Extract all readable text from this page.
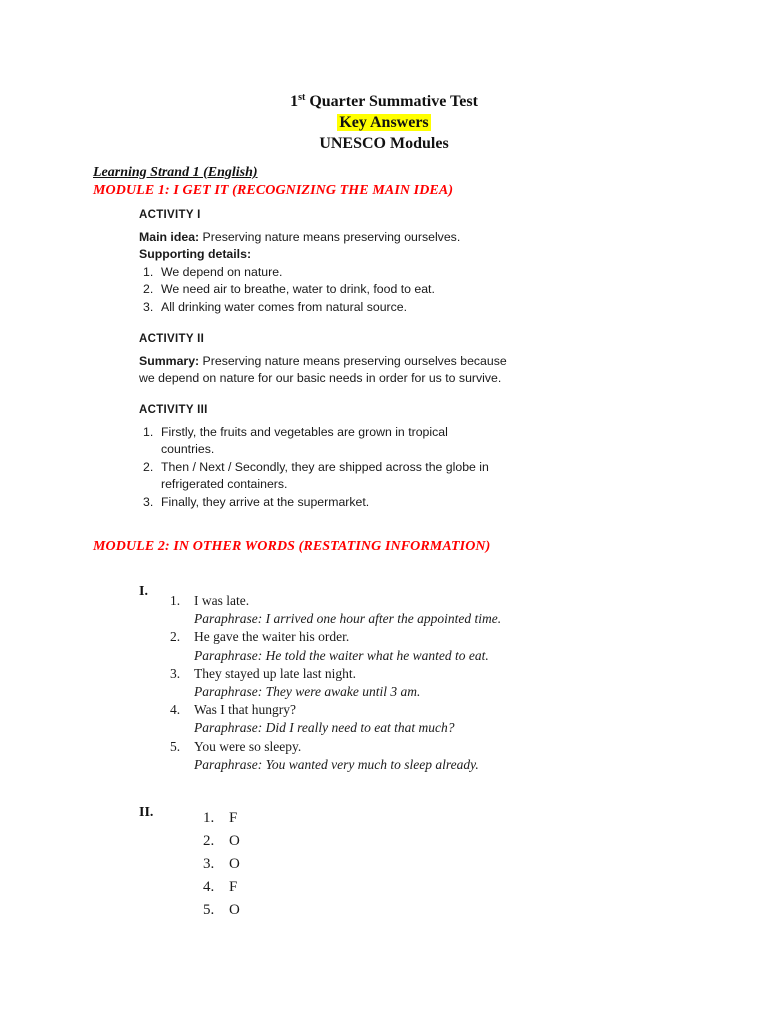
1st Quarter Summative Test
Key Answers
UNESCO Modules
Learning Strand 1 (English)
MODULE 1: I GET IT (RECOGNIZING THE MAIN IDEA)
ACTIVITY I
Main idea: Preserving nature means preserving ourselves.
Supporting details:
1. We depend on nature.
2. We need air to breathe, water to drink, food to eat.
3. All drinking water comes from natural source.
ACTIVITY II
Summary: Preserving nature means preserving ourselves because
we depend on nature for our basic needs in order for us to survive.
ACTIVITY III
1. Firstly, the fruits and vegetables are grown in tropical
countries.
2. Then / Next / Secondly, they are shipped across the globe in
refrigerated containers.
3. Finally, they arrive at the supermarket.
MODULE 2: IN OTHER WORDS (RESTATING INFORMATION)
I.
1. I was late.
Paraphrase: I arrived one hour after the appointed time.
2. He gave the waiter his order.
Paraphrase: He told the waiter what he wanted to eat.
3. They stayed up late last night.
Paraphrase: They were awake until 3 am.
4. Was I that hungry?
Paraphrase: Did I really need to eat that much?
5. You were so sleepy.
Paraphrase: You wanted very much to sleep already.
II.	1. F
2. O
3. O
4. F
5. O
